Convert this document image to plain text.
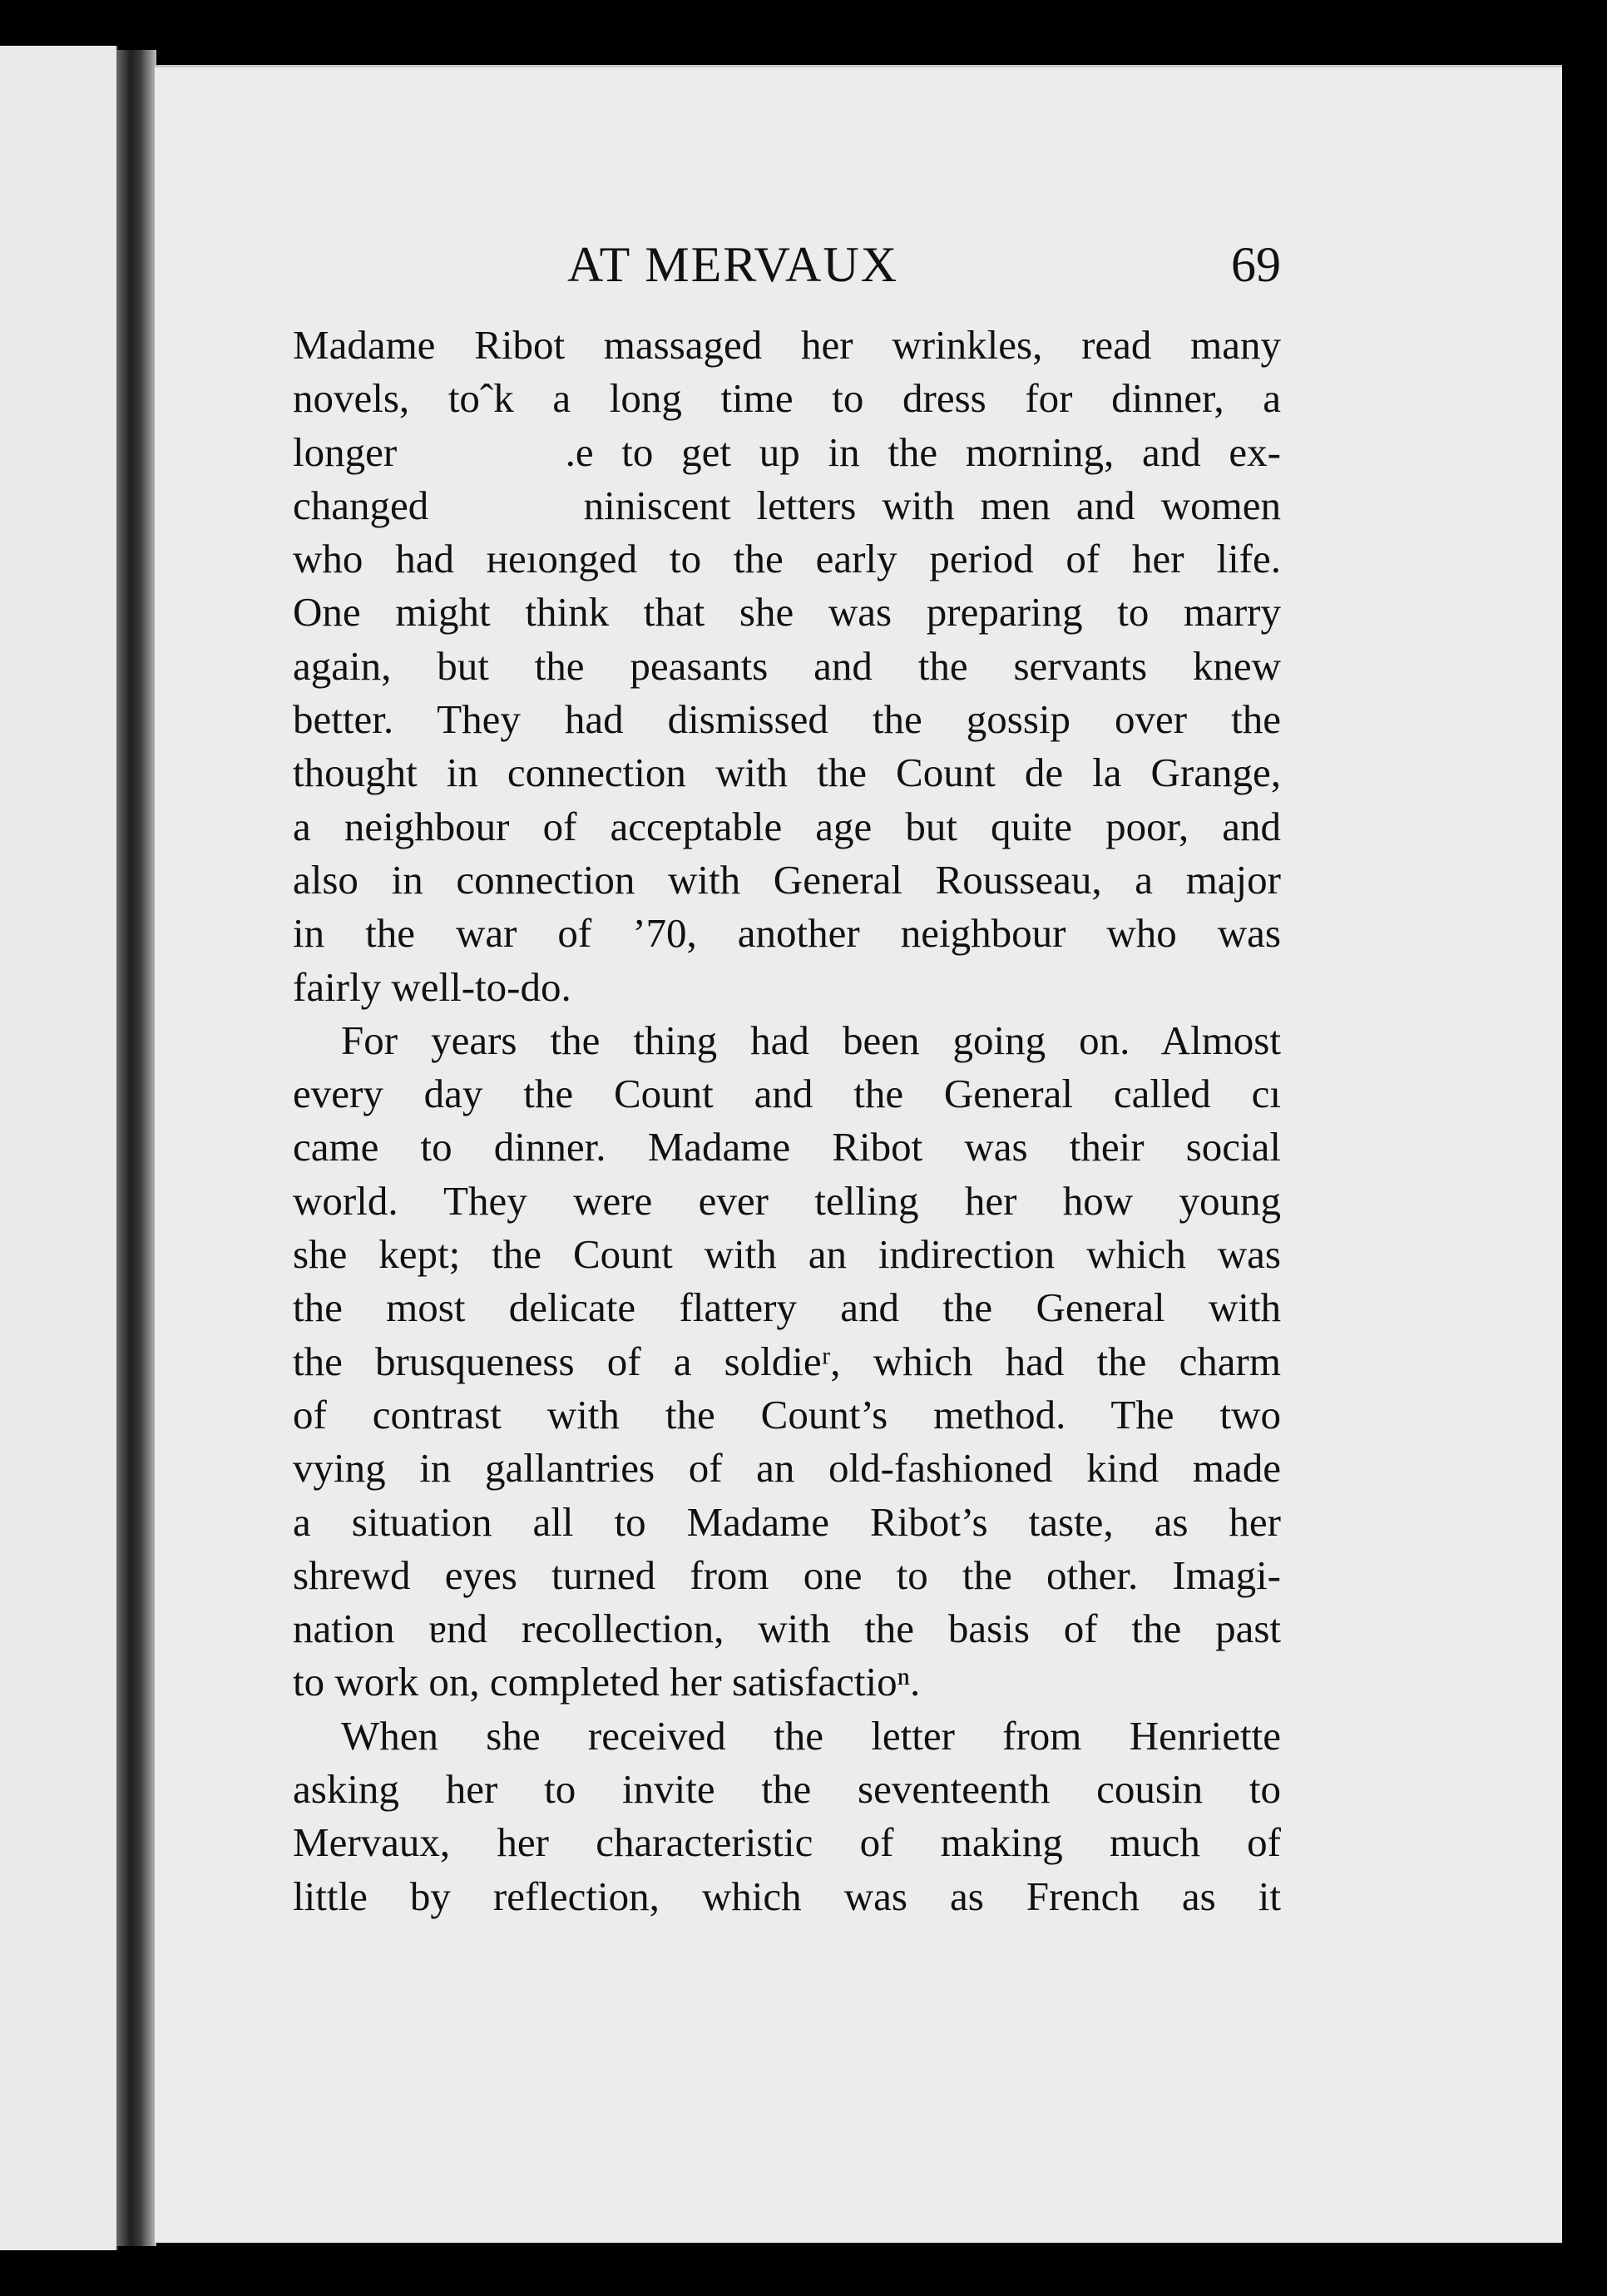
AT MERVAUX	69
Madame Ribot massaged her wrinkles, read many
novels, toˆk a long time to dress for dinner, a
longer      .e to get up in the morning, and ex-
changed      niniscent letters with men and women
who had ʜeıonged to the early period of her life.
One might think that she was preparing to marry
again, but the peasants and the servants knew
better. They had dismissed the gossip over the
thought in connection with the Count de la Grange,
a neighbour of acceptable age but quite poor, and
also in connection with General Rousseau, a major
in the war of ’70, another neighbour who was
fairly well-to-do.
For years the thing had been going on. Almost
every day the Count and the General called cı
came to dinner. Madame Ribot was their social
world. They were ever telling her how young
she kept; the Count with an indirection which was
the most delicate flattery and the General with
the brusqueness of a soldieʳ, which had the charm
of contrast with the Count’s method. The two
vying in gallantries of an old-fashioned kind made
a situation all to Madame Ribot’s taste, as her
shrewd eyes turned from one to the other. Imagi-
nation ɐnd recollection, with the basis of the past
to work on, completed her satisfactioⁿ.
When she received the letter from Henriette
asking her to invite the seventeenth cousin to
Mervaux, her characteristic of making much of
little by reflection, which was as French as it
